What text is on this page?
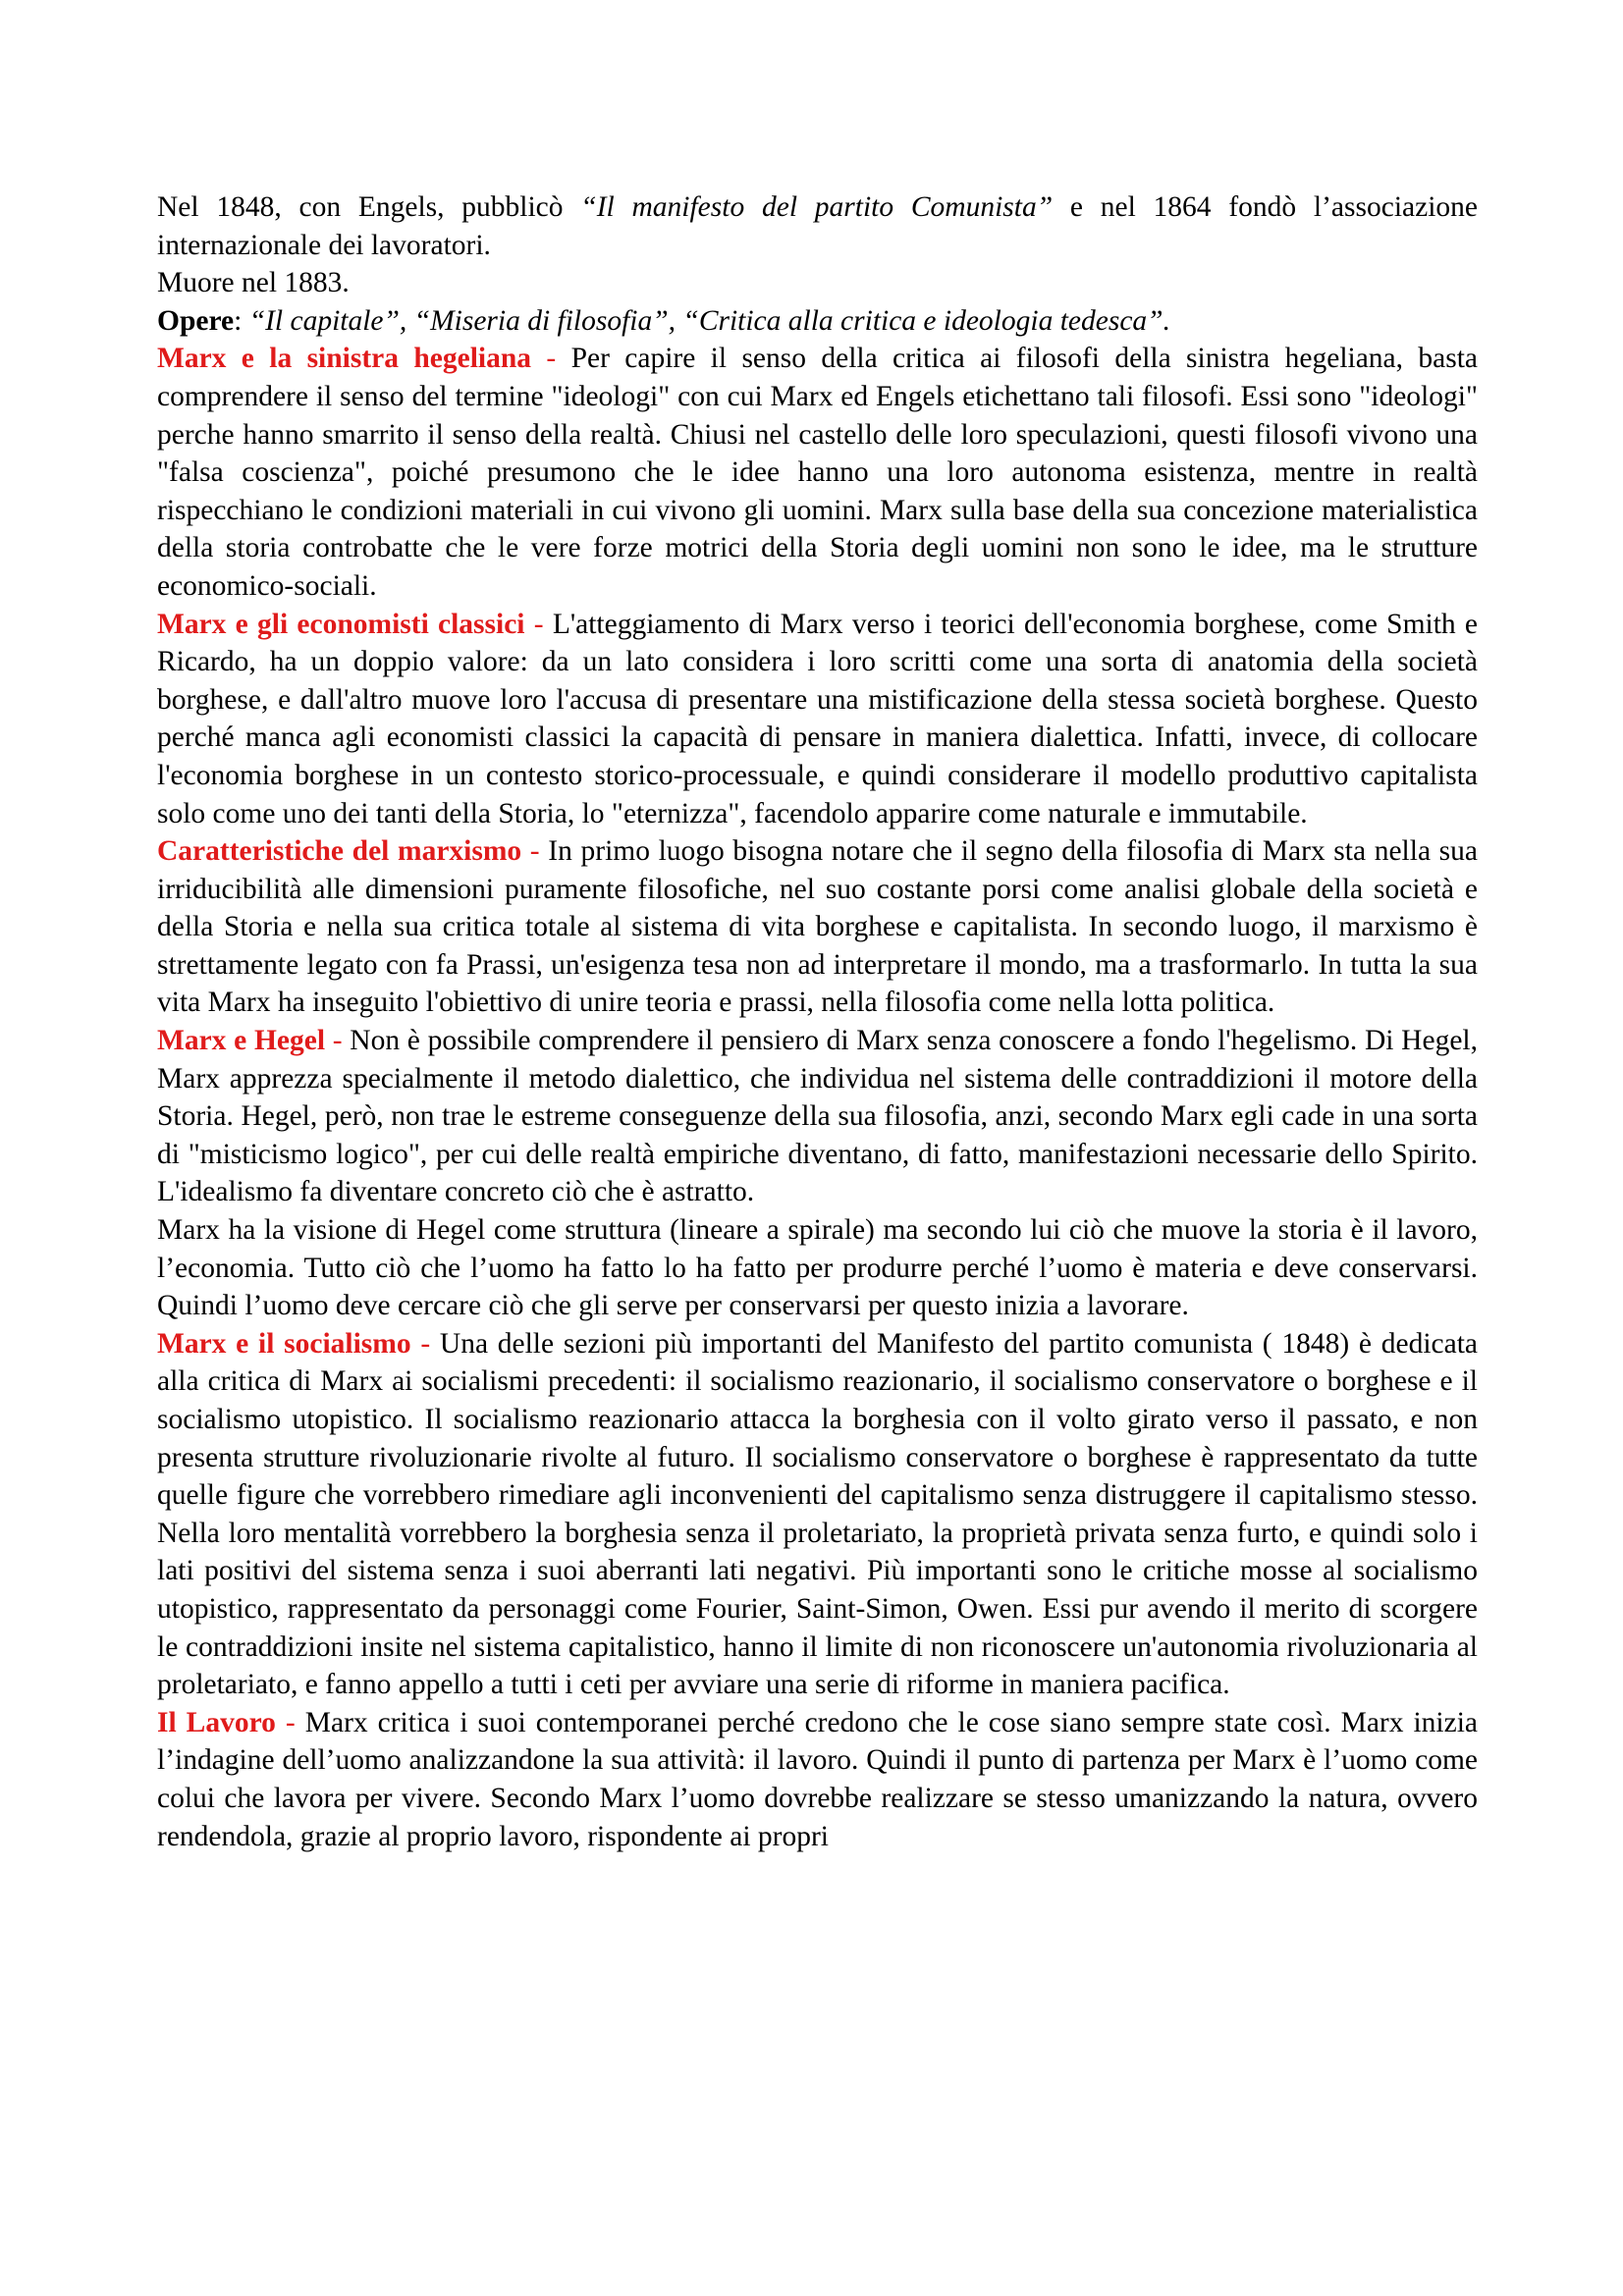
Nel 1848, con Engels, pubblicò “Il manifesto del partito Comunista” e nel 1864 fondò l’associazione internazionale dei lavoratori.

Muore nel 1883.

Opere: “Il capitale”, “Miseria di filosofia”, “Critica alla critica e ideologia tedesca”.

Marx e la sinistra hegeliana - Per capire il senso della critica ai filosofi della sinistra hegeliana, basta comprendere il senso del termine "ideologi" con cui Marx ed Engels etichettano tali filosofi. Essi sono "ideologi" perche hanno smarrito il senso della realtà. Chiusi nel castello delle loro speculazioni, questi filosofi vivono una "falsa coscienza", poiché presumono che le idee hanno una loro autonoma esistenza, mentre in realtà rispecchiano le condizioni materiali in cui vivono gli uomini. Marx sulla base della sua concezione materialistica della storia controbatte che le vere forze motrici della Storia degli uomini non sono le idee, ma le strutture economico-sociali.

Marx e gli economisti classici - L'atteggiamento di Marx verso i teorici dell'economia borghese, come Smith e Ricardo, ha un doppio valore: da un lato considera i loro scritti come una sorta di anatomia della società borghese, e dall'altro muove loro l'accusa di presentare una mistificazione della stessa società borghese. Questo perché manca agli economisti classici la capacità di pensare in maniera dialettica. Infatti, invece, di collocare l'economia borghese in un contesto storico-processuale, e quindi considerare il modello produttivo capitalista solo come uno dei tanti della Storia, lo "eternizza", facendolo apparire come naturale e immutabile.

Caratteristiche del marxismo - In primo luogo bisogna notare che il segno della filosofia di Marx sta nella sua irriducibilità alle dimensioni puramente filosofiche, nel suo costante porsi come analisi globale della società e della Storia e nella sua critica totale al sistema di vita borghese e capitalista. In secondo luogo, il marxismo è strettamente legato con fa Prassi, un'esigenza tesa non ad interpretare il mondo, ma a trasformarlo. In tutta la sua vita Marx ha inseguito l'obiettivo di unire teoria e prassi, nella filosofia come nella lotta politica.

Marx e Hegel - Non è possibile comprendere il pensiero di Marx senza conoscere a fondo l'hegelismo. Di Hegel, Marx apprezza specialmente il metodo dialettico, che individua nel sistema delle contraddizioni il motore della Storia. Hegel, però, non trae le estreme conseguenze della sua filosofia, anzi, secondo Marx egli cade in una sorta di "misticismo logico", per cui delle realtà empiriche diventano, di fatto, manifestazioni necessarie dello Spirito. L'idealismo fa diventare concreto ciò che è astratto.

Marx ha la visione di Hegel come struttura (lineare a spirale) ma secondo lui ciò che muove la storia è il lavoro, l’economia. Tutto ciò che l’uomo ha fatto lo ha fatto per produrre perché l’uomo è materia e deve conservarsi. Quindi l’uomo deve cercare ciò che gli serve per conservarsi per questo inizia a lavorare.

Marx e il socialismo - Una delle sezioni più importanti del Manifesto del partito comunista ( 1848) è dedicata alla critica di Marx ai socialismi precedenti: il socialismo reazionario, il socialismo conservatore o borghese e il socialismo utopistico. Il socialismo reazionario attacca la borghesia con il volto girato verso il passato, e non presenta strutture rivoluzionarie rivolte al futuro. Il socialismo conservatore o borghese è rappresentato da tutte quelle figure che vorrebbero rimediare agli inconvenienti del capitalismo senza distruggere il capitalismo stesso. Nella loro mentalità vorrebbero la borghesia senza il proletariato, la proprietà privata senza furto, e quindi solo i lati positivi del sistema senza i suoi aberranti lati negativi. Più importanti sono le critiche mosse al socialismo utopistico, rappresentato da personaggi come Fourier, Saint-Simon, Owen. Essi pur avendo il merito di scorgere le contraddizioni insite nel sistema capitalistico, hanno il limite di non riconoscere un'autonomia rivoluzionaria al proletariato, e fanno appello a tutti i ceti per avviare una serie di riforme in maniera pacifica.

Il Lavoro - Marx critica i suoi contemporanei perché credono che le cose siano sempre state così. Marx inizia l’indagine dell’uomo analizzandone la sua attività: il lavoro. Quindi il punto di partenza per Marx è l’uomo come colui che lavora per vivere. Secondo Marx l’uomo dovrebbe realizzare se stesso umanizzando la natura, ovvero rendendola, grazie al proprio lavoro, rispondente ai propri
